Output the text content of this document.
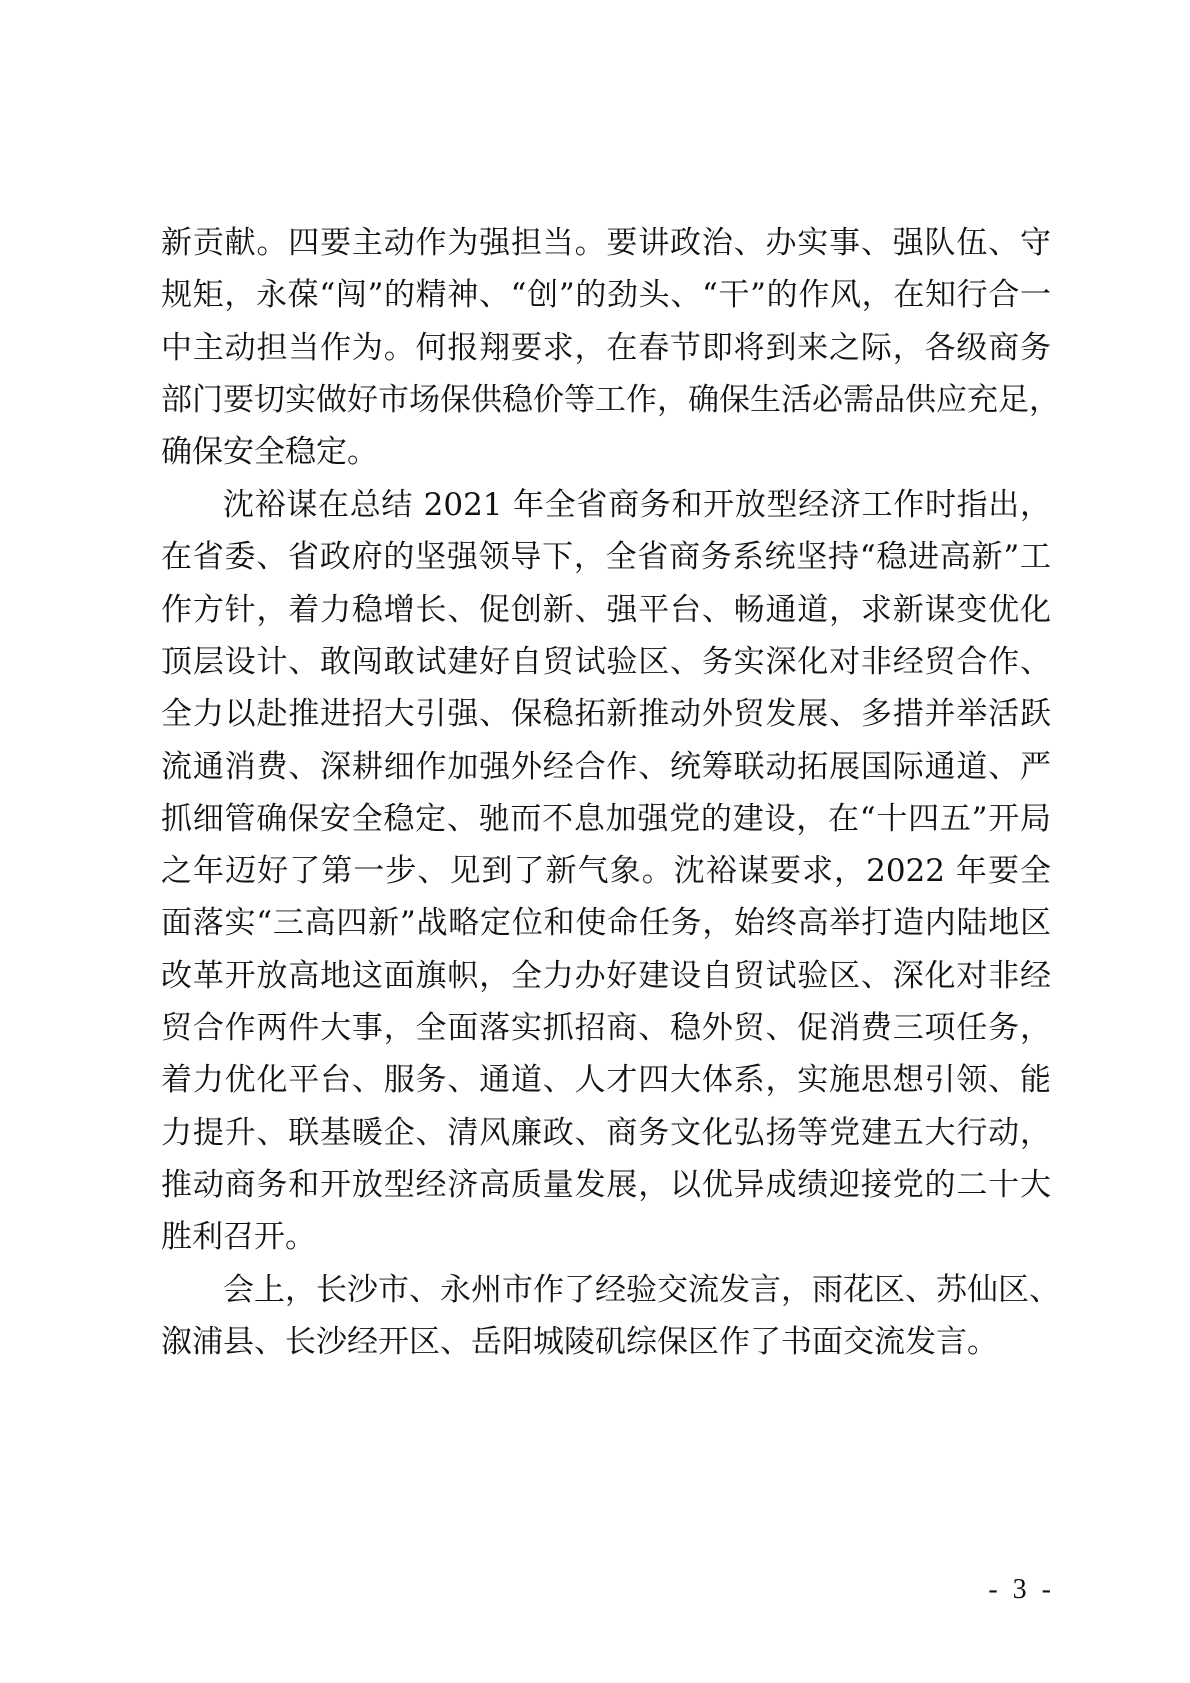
新贡献。四要主动作为强担当。要讲政治、办实事、强队伍、守
规矩，永葆“闯”的精神、“创”的劲头、“干”的作风，在知行合一
中主动担当作为。何报翔要求，在春节即将到来之际，各级商务
部门要切实做好市场保供稳价等工作，确保生活必需品供应充足，
确保安全稳定。
沈裕谋在总结 2021 年全省商务和开放型经济工作时指出，
在省委、省政府的坚强领导下，全省商务系统坚持“稳进高新”工
作方针，着力稳增长、促创新、强平台、畅通道，求新谋变优化
顶层设计、敢闯敢试建好自贸试验区、务实深化对非经贸合作、
全力以赴推进招大引强、保稳拓新推动外贸发展、多措并举活跃
流通消费、深耕细作加强外经合作、统筹联动拓展国际通道、严
抓细管确保安全稳定、驰而不息加强党的建设，在“十四五”开局
之年迈好了第一步、见到了新气象。沈裕谋要求，2022 年要全
面落实“三高四新”战略定位和使命任务，始终高举打造内陆地区
改革开放高地这面旗帜，全力办好建设自贸试验区、深化对非经
贸合作两件大事，全面落实抓招商、稳外贸、促消费三项任务，
着力优化平台、服务、通道、人才四大体系，实施思想引领、能
力提升、联基暖企、清风廉政、商务文化弘扬等党建五大行动，
推动商务和开放型经济高质量发展，以优异成绩迎接党的二十大
胜利召开。
会上，长沙市、永州市作了经验交流发言，雨花区、苏仙区、
溆浦县、长沙经开区、岳阳城陵矶综保区作了书面交流发言。
- 3 -
